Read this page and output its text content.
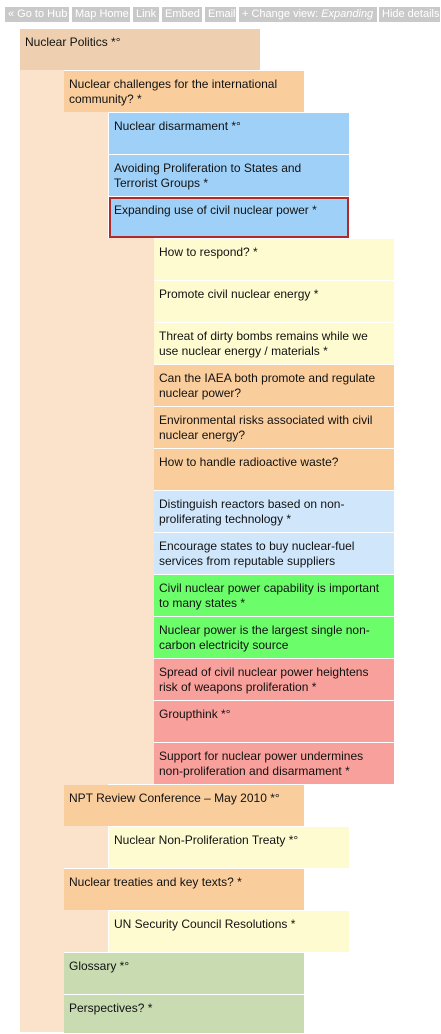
« Go to Hub Map Home Link Embed Email + Change view: Expanding Hide details
Nuclear Politics *°
Nuclear challenges for the international community? *
Nuclear disarmament *°
Avoiding Proliferation to States and Terrorist Groups *
Expanding use of civil nuclear power *
How to respond? *
Promote civil nuclear energy *
Threat of dirty bombs remains while we use nuclear energy / materials *
Can the IAEA both promote and regulate nuclear power?
Environmental risks associated with civil nuclear energy?
How to handle radioactive waste?
Distinguish reactors based on non-proliferating technology *
Encourage states to buy nuclear-fuel services from reputable suppliers
Civil nuclear power capability is important to many states *
Nuclear power is the largest single non-carbon electricity source
Spread of civil nuclear power heightens risk of weapons proliferation *
Groupthink *°
Support for nuclear power undermines non-proliferation and disarmament *
NPT Review Conference – May 2010 *°
Nuclear Non-Proliferation Treaty *°
Nuclear treaties and key texts? *
UN Security Council Resolutions *
Glossary *°
Perspectives? *
